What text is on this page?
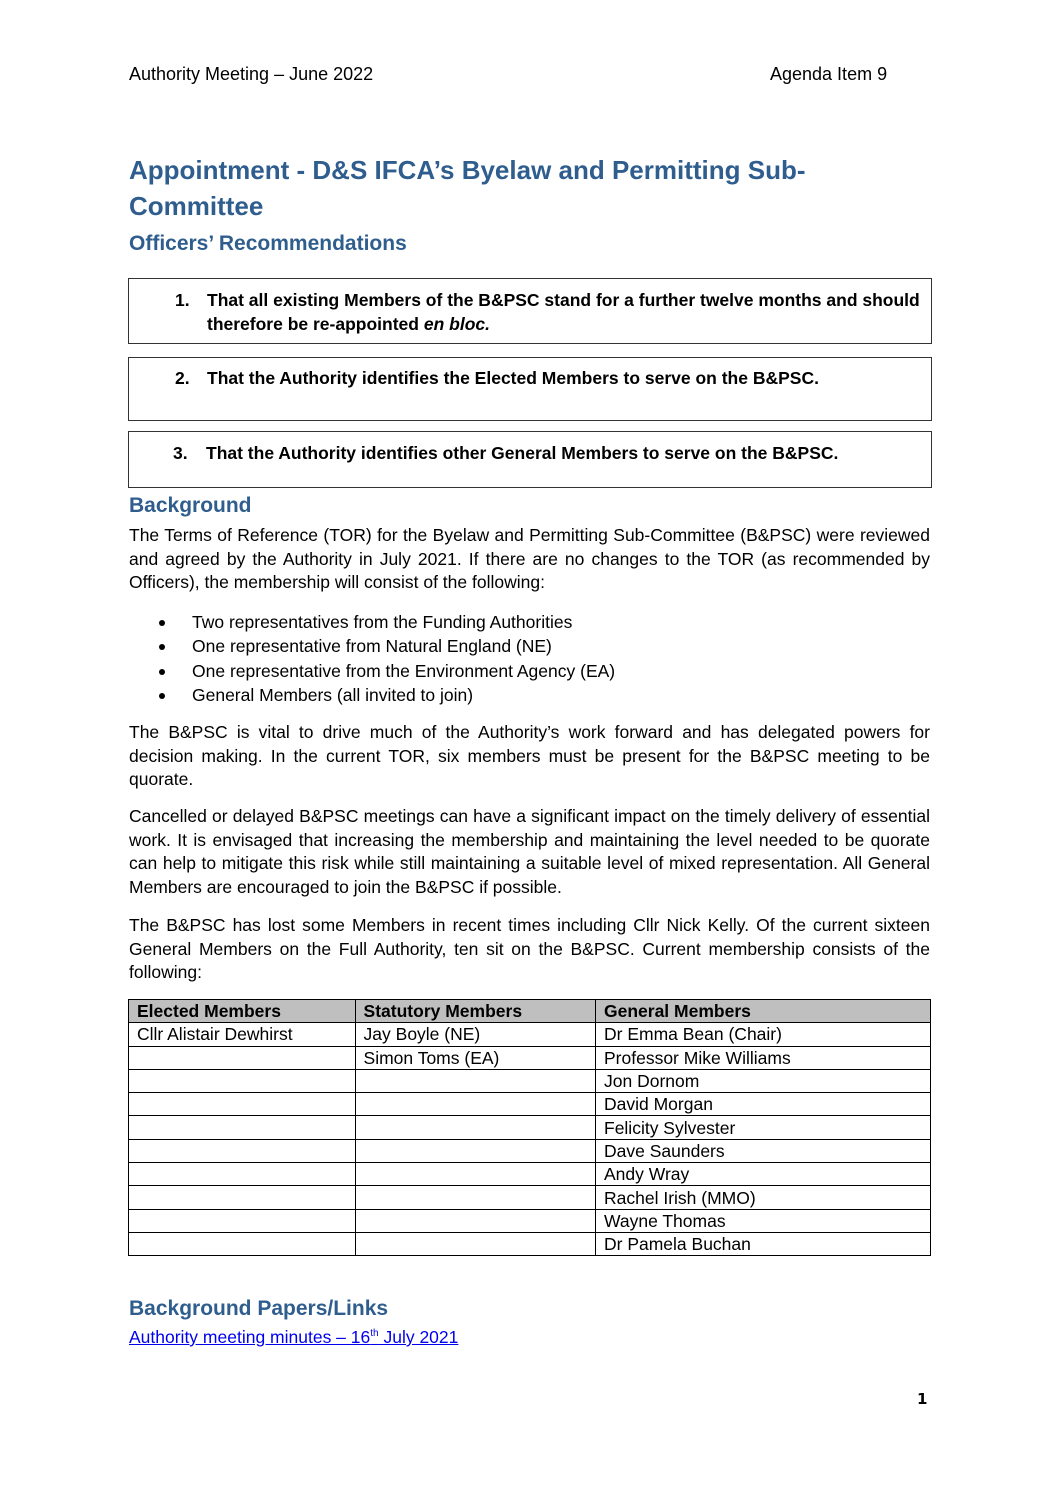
Authority Meeting – June 2022	Agenda Item 9
Appointment - D&S IFCA’s Byelaw and Permitting Sub-Committee
Officers’ Recommendations
1. That all existing Members of the B&PSC stand for a further twelve months and should therefore be re-appointed en bloc.
2. That the Authority identifies the Elected Members to serve on the B&PSC.
3. That the Authority identifies other General Members to serve on the B&PSC.
Background

The Terms of Reference (TOR) for the Byelaw and Permitting Sub-Committee (B&PSC) were reviewed and agreed by the Authority in July 2021. If there are no changes to the TOR (as recommended by Officers), the membership will consist of the following:

Two representatives from the Funding Authorities
One representative from Natural England (NE)
One representative from the Environment Agency (EA)
General Members (all invited to join)

The B&PSC is vital to drive much of the Authority’s work forward and has delegated powers for decision making. In the current TOR, six members must be present for the B&PSC meeting to be quorate.

Cancelled or delayed B&PSC meetings can have a significant impact on the timely delivery of essential work. It is envisaged that increasing the membership and maintaining the level needed to be quorate can help to mitigate this risk while still maintaining a suitable level of mixed representation. All General Members are encouraged to join the B&PSC if possible.

The B&PSC has lost some Members in recent times including Cllr Nick Kelly. Of the current sixteen General Members on the Full Authority, ten sit on the B&PSC. Current membership consists of the following:

Elected Members	Statutory Members	General Members
Cllr Alistair Dewhirst	Jay Boyle (NE)	Dr Emma Bean (Chair)
	Simon Toms (EA)	Professor Mike Williams
		Jon Dornom
		David Morgan
		Felicity Sylvester
		Dave Saunders
		Andy Wray
		Rachel Irish (MMO)
		Wayne Thomas
		Dr Pamela Buchan
Background Papers/Links
Authority meeting minutes – 16th July 2021
1
